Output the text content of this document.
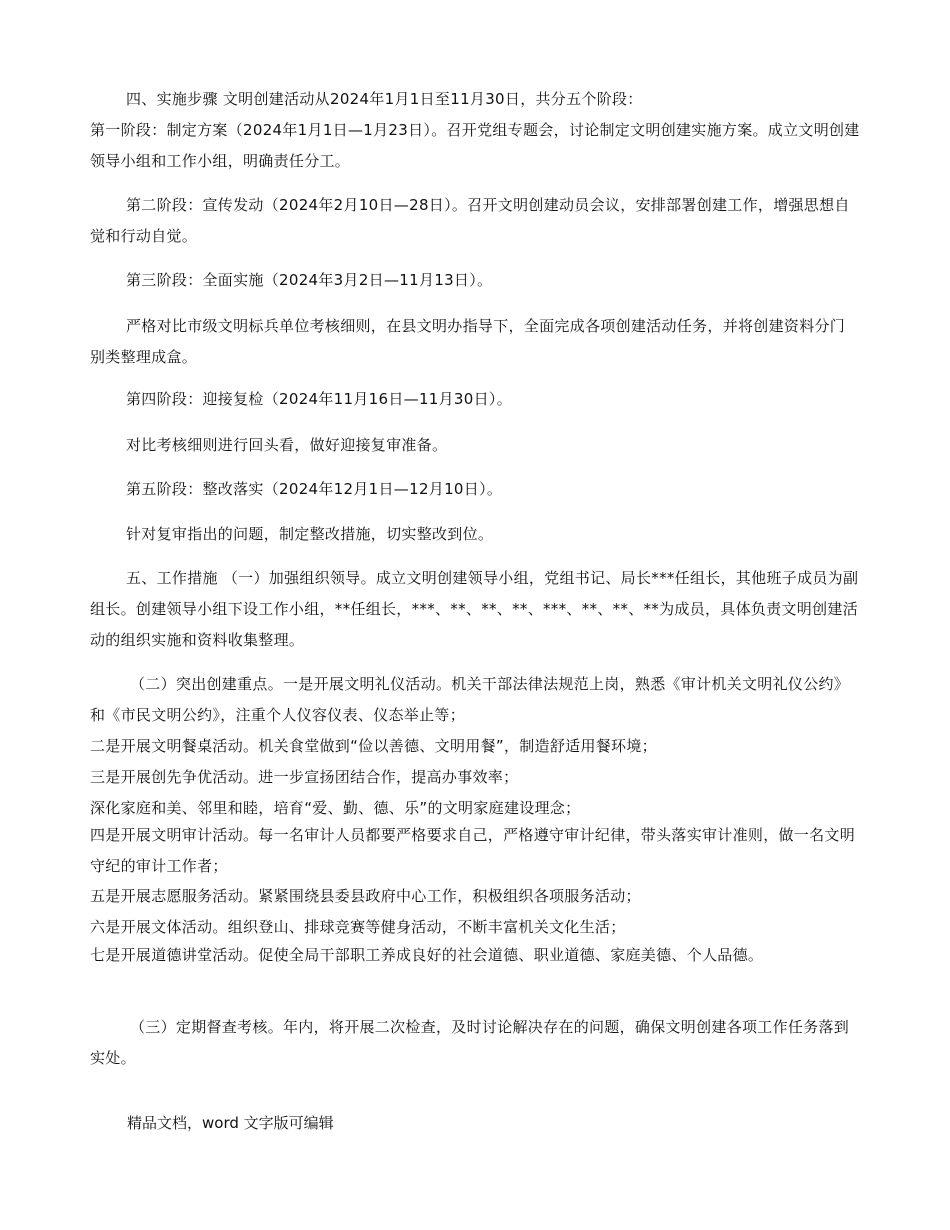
四、实施步骤 文明创建活动从2024年1月1日至11月30日，共分五个阶段：

第一阶段：制定方案（2024年1月1日—1月23日）。召开党组专题会，讨论制定文明创建实施方案。成立文明创建领导小组和工作小组，明确责任分工。

第二阶段：宣传发动（2024年2月10日—28日）。召开文明创建动员会议，安排部署创建工作，增强思想自觉和行动自觉。

第三阶段：全面实施（2024年3月2日—11月13日）。

严格对比市级文明标兵单位考核细则，在县文明办指导下，全面完成各项创建活动任务，并将创建资料分门别类整理成盒。

第四阶段：迎接复检（2024年11月16日—11月30日）。

对比考核细则进行回头看，做好迎接复审准备。

第五阶段：整改落实（2024年12月1日—12月10日）。

针对复审指出的问题，制定整改措施，切实整改到位。

五、工作措施 （一）加强组织领导。成立文明创建领导小组，党组书记、局长***任组长，其他班子成员为副组长。创建领导小组下设工作小组，**任组长，***、**、**、**、***、**、**、**为成员，具体负责文明创建活动的组织实施和资料收集整理。

（二）突出创建重点。一是开展文明礼仪活动。机关干部法律法规范上岗，熟悉《审计机关文明礼仪公约》和《市民文明公约》，注重个人仪容仪表、仪态举止等；

二是开展文明餐桌活动。机关食堂做到“俭以善德、文明用餐”，制造舒适用餐环境；

三是开展创先争优活动。进一步宣扬团结合作，提高办事效率；

深化家庭和美、邻里和睦，培育“爱、勤、德、乐”的文明家庭建设理念；

四是开展文明审计活动。每一名审计人员都要严格要求自己，严格遵守审计纪律，带头落实审计准则，做一名文明守纪的审计工作者；

五是开展志愿服务活动。紧紧围绕县委县政府中心工作，积极组织各项服务活动；

六是开展文体活动。组织登山、排球竞赛等健身活动，不断丰富机关文化生活；

七是开展道德讲堂活动。促使全局干部职工养成良好的社会道德、职业道德、家庭美德、个人品德。

（三）定期督查考核。年内，将开展二次检查，及时讨论解决存在的问题，确保文明创建各项工作任务落到实处。

精品文档，word 文字版可编辑
